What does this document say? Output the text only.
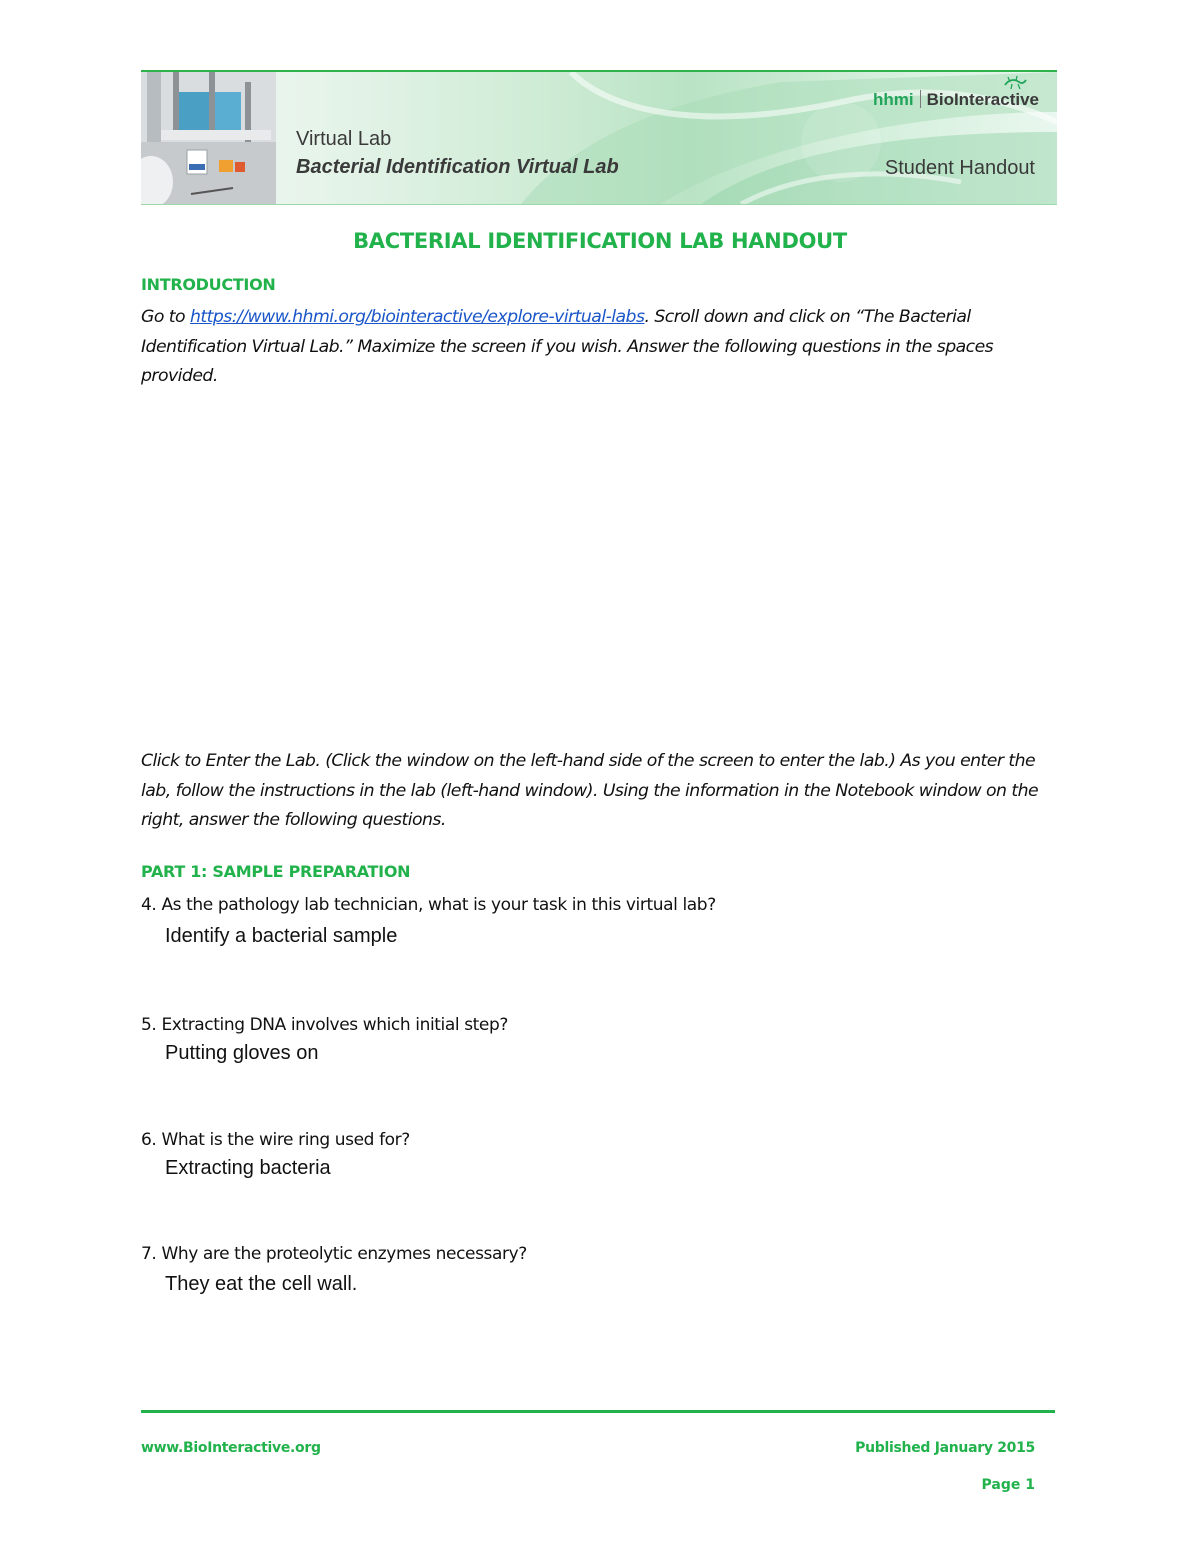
Virtual Lab
Bacterial Identification Virtual Lab
hhmi BioInteractive
Student Handout
BACTERIAL IDENTIFICATION LAB HANDOUT
INTRODUCTION
Go to https://www.hhmi.org/biointeractive/explore-virtual-labs. Scroll down and click on “The Bacterial Identification Virtual Lab.” Maximize the screen if you wish. Answer the following questions in the spaces provided.
Click to Enter the Lab. (Click the window on the left-hand side of the screen to enter the lab.) As you enter the lab, follow the instructions in the lab (left-hand window). Using the information in the Notebook window on the right, answer the following questions.
PART 1: SAMPLE PREPARATION
4. As the pathology lab technician, what is your task in this virtual lab?
Identify a bacterial sample
5. Extracting DNA involves which initial step?
Putting gloves on
6. What is the wire ring used for?
Extracting bacteria
7. Why are the proteolytic enzymes necessary?
They eat the cell wall.
www.BioInteractive.org	Published January 2015
Page 1
